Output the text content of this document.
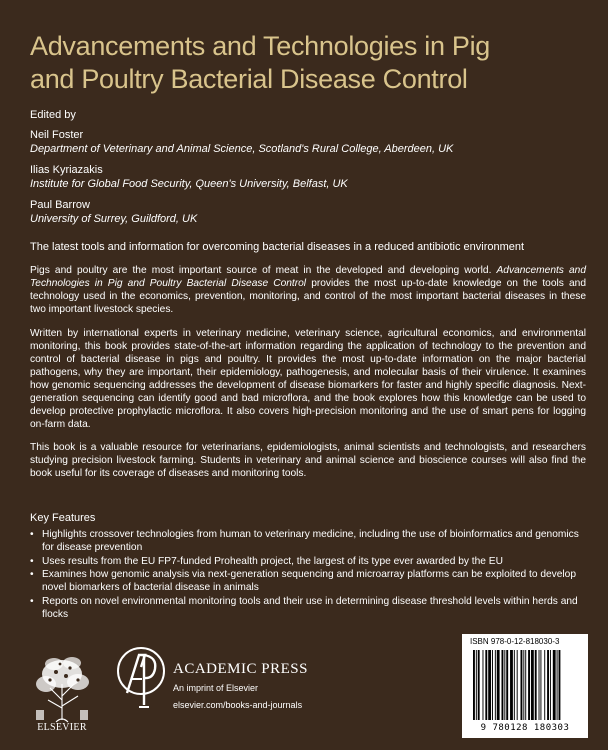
Advancements and Technologies in Pig
and Poultry Bacterial Disease Control
Edited by
Neil Foster
Department of Veterinary and Animal Science, Scotland's Rural College, Aberdeen, UK
Ilias Kyriazakis
Institute for Global Food Security, Queen's University, Belfast, UK
Paul Barrow
University of Surrey, Guildford, UK
The latest tools and information for overcoming bacterial diseases in a reduced antibiotic environment

Pigs and poultry are the most important source of meat in the developed and developing world. Advancements and Technologies in Pig and Poultry Bacterial Disease Control provides the most up-to-date knowledge on the tools and technology used in the economics, prevention, monitoring, and control of the most important bacterial diseases in these two important livestock species.

Written by international experts in veterinary medicine, veterinary science, agricultural economics, and environmental monitoring, this book provides state-of-the-art information regarding the application of technology to the prevention and control of bacterial disease in pigs and poultry. It provides the most up-to-date information on the major bacterial pathogens, why they are important, their epidemiology, pathogenesis, and molecular basis of their virulence. It examines how genomic sequencing addresses the development of disease biomarkers for faster and highly specific diagnosis. Next-generation sequencing can identify good and bad microflora, and the book explores how this knowledge can be used to develop protective prophylactic microflora. It also covers high-precision monitoring and the use of smart pens for logging on-farm data.

This book is a valuable resource for veterinarians, epidemiologists, animal scientists and technologists, and researchers studying precision livestock farming. Students in veterinary and animal science and bioscience courses will also find the book useful for its coverage of diseases and monitoring tools.

Key Features
• Highlights crossover technologies from human to veterinary medicine, including the use of bioinformatics and genomics for disease prevention
• Uses results from the EU FP7-funded Prohealth project, the largest of its type ever awarded by the EU
• Examines how genomic analysis via next-generation sequencing and microarray platforms can be exploited to develop novel biomarkers of bacterial disease in animals
• Reports on novel environmental monitoring tools and their use in determining disease threshold levels within herds and flocks
ELSEVIER
ACADEMIC PRESS
An imprint of Elsevier
elsevier.com/books-and-journals
ISBN 978-0-12-818030-3
9 780128 180303
